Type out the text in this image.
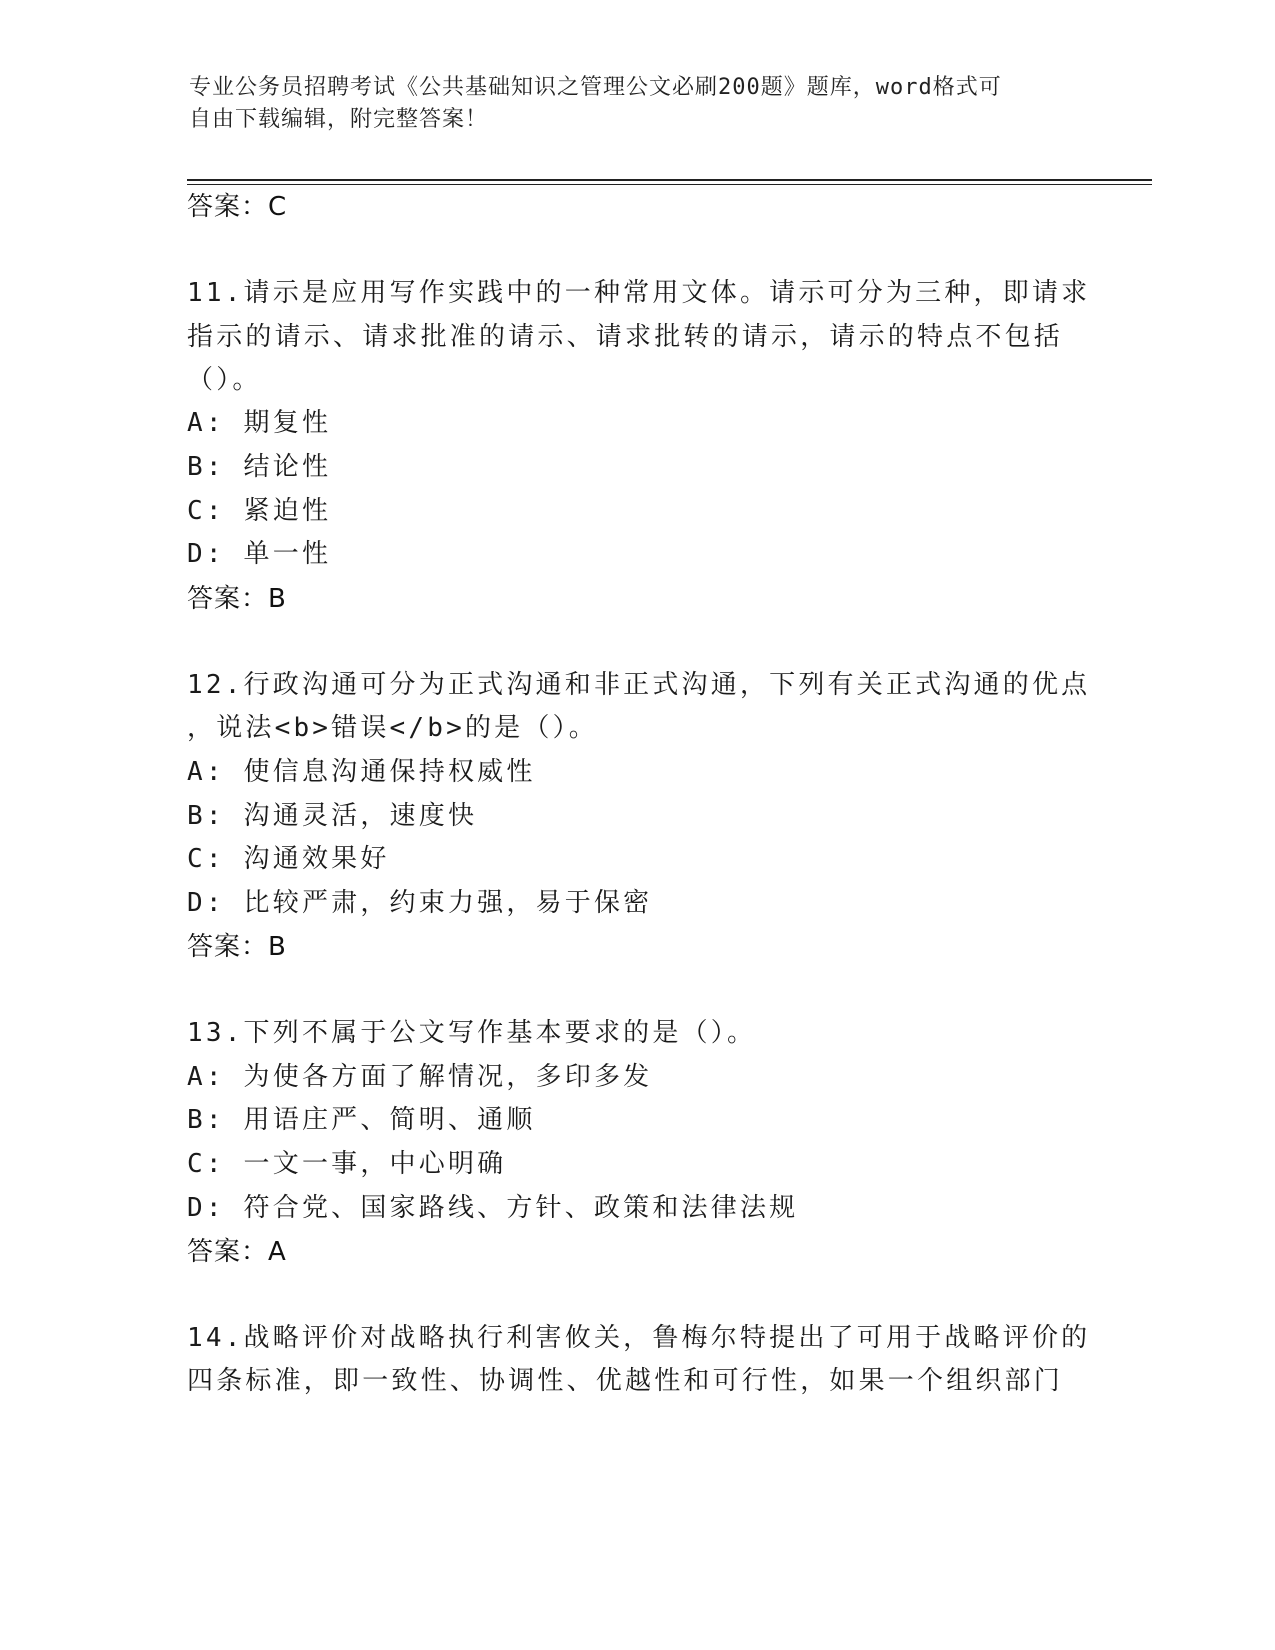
专业公务员招聘考试《公共基础知识之管理公文必刷200题》题库，word格式可
自由下载编辑，附完整答案！
答案：C
11.请示是应用写作实践中的一种常用文体。请示可分为三种，即请求
指示的请示、请求批准的请示、请求批转的请示，请示的特点不包括
（）。
A: 期复性
B: 结论性
C: 紧迫性
D: 单一性
答案：B
12.行政沟通可分为正式沟通和非正式沟通，下列有关正式沟通的优点
，说法<b>错误</b>的是（）。
A: 使信息沟通保持权威性
B: 沟通灵活，速度快
C: 沟通效果好
D: 比较严肃，约束力强，易于保密
答案：B
13.下列不属于公文写作基本要求的是（）。
A: 为使各方面了解情况，多印多发
B: 用语庄严、简明、通顺
C: 一文一事，中心明确
D: 符合党、国家路线、方针、政策和法律法规
答案：A
14.战略评价对战略执行利害攸关，鲁梅尔特提出了可用于战略评价的
四条标准，即一致性、协调性、优越性和可行性，如果一个组织部门
